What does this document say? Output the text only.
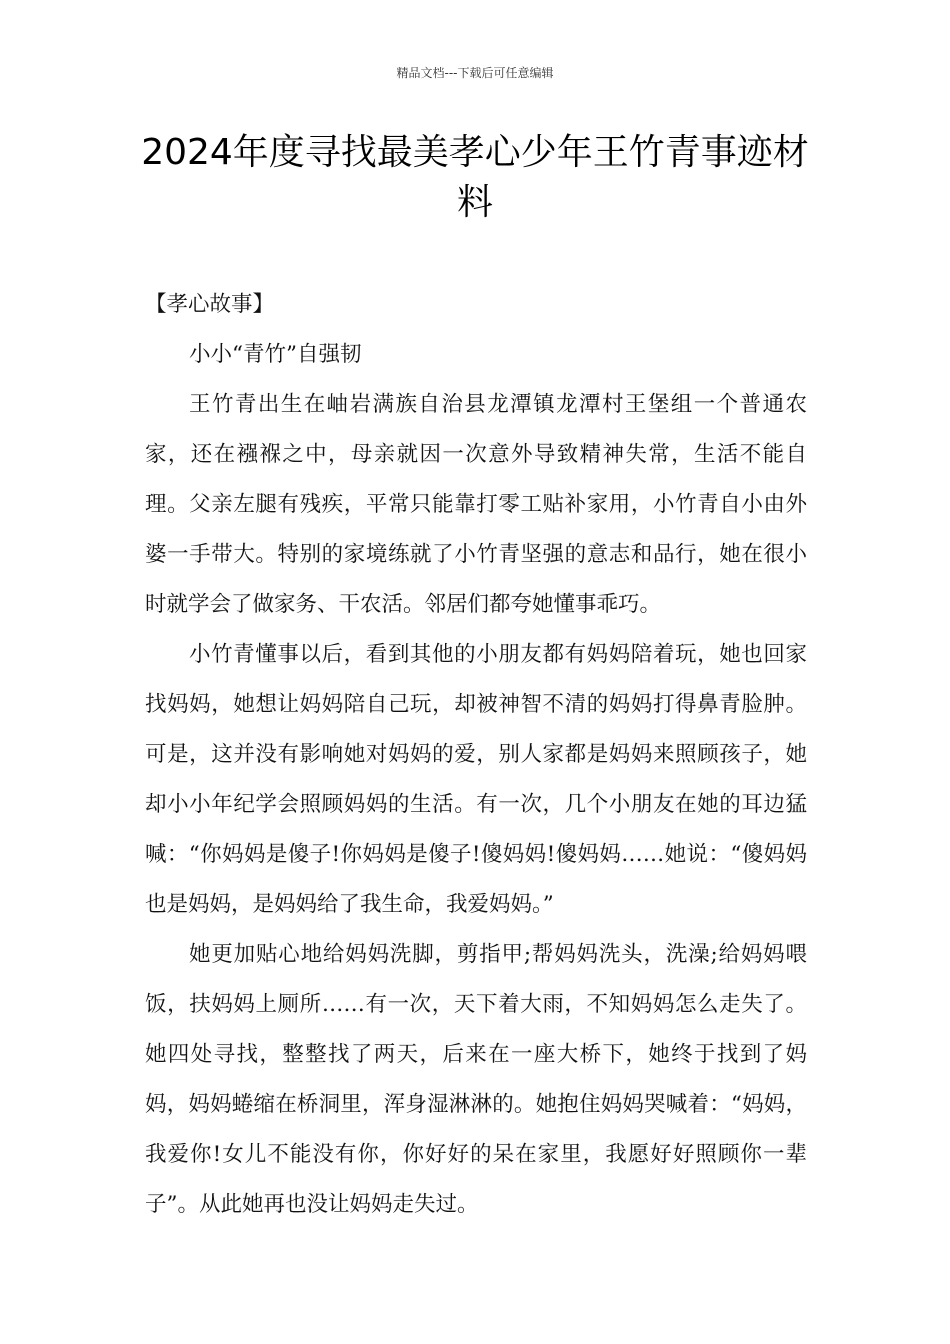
精品文档---下载后可任意编辑
2024年度寻找最美孝心少年王竹青事迹材料

【孝心故事】

小小“青竹”自强韧

王竹青出生在岫岩满族自治县龙潭镇龙潭村王堡组一个普通农家，还在襁褓之中，母亲就因一次意外导致精神失常，生活不能自理。父亲左腿有残疾，平常只能靠打零工贴补家用，小竹青自小由外婆一手带大。特别的家境练就了小竹青坚强的意志和品行，她在很小时就学会了做家务、干农活。邻居们都夸她懂事乖巧。

小竹青懂事以后，看到其他的小朋友都有妈妈陪着玩，她也回家找妈妈，她想让妈妈陪自己玩，却被神智不清的妈妈打得鼻青脸肿。可是，这并没有影响她对妈妈的爱，别人家都是妈妈来照顾孩子，她却小小年纪学会照顾妈妈的生活。有一次，几个小朋友在她的耳边猛喊：“你妈妈是傻子!你妈妈是傻子!傻妈妈!傻妈妈……她说：“傻妈妈也是妈妈，是妈妈给了我生命，我爱妈妈。”

她更加贴心地给妈妈洗脚，剪指甲;帮妈妈洗头，洗澡;给妈妈喂饭，扶妈妈上厕所……有一次，天下着大雨，不知妈妈怎么走失了。她四处寻找，整整找了两天，后来在一座大桥下，她终于找到了妈妈，妈妈蜷缩在桥洞里，浑身湿淋淋的。她抱住妈妈哭喊着：“妈妈，我爱你!女儿不能没有你，你好好的呆在家里，我愿好好照顾你一辈子”。从此她再也没让妈妈走失过。
